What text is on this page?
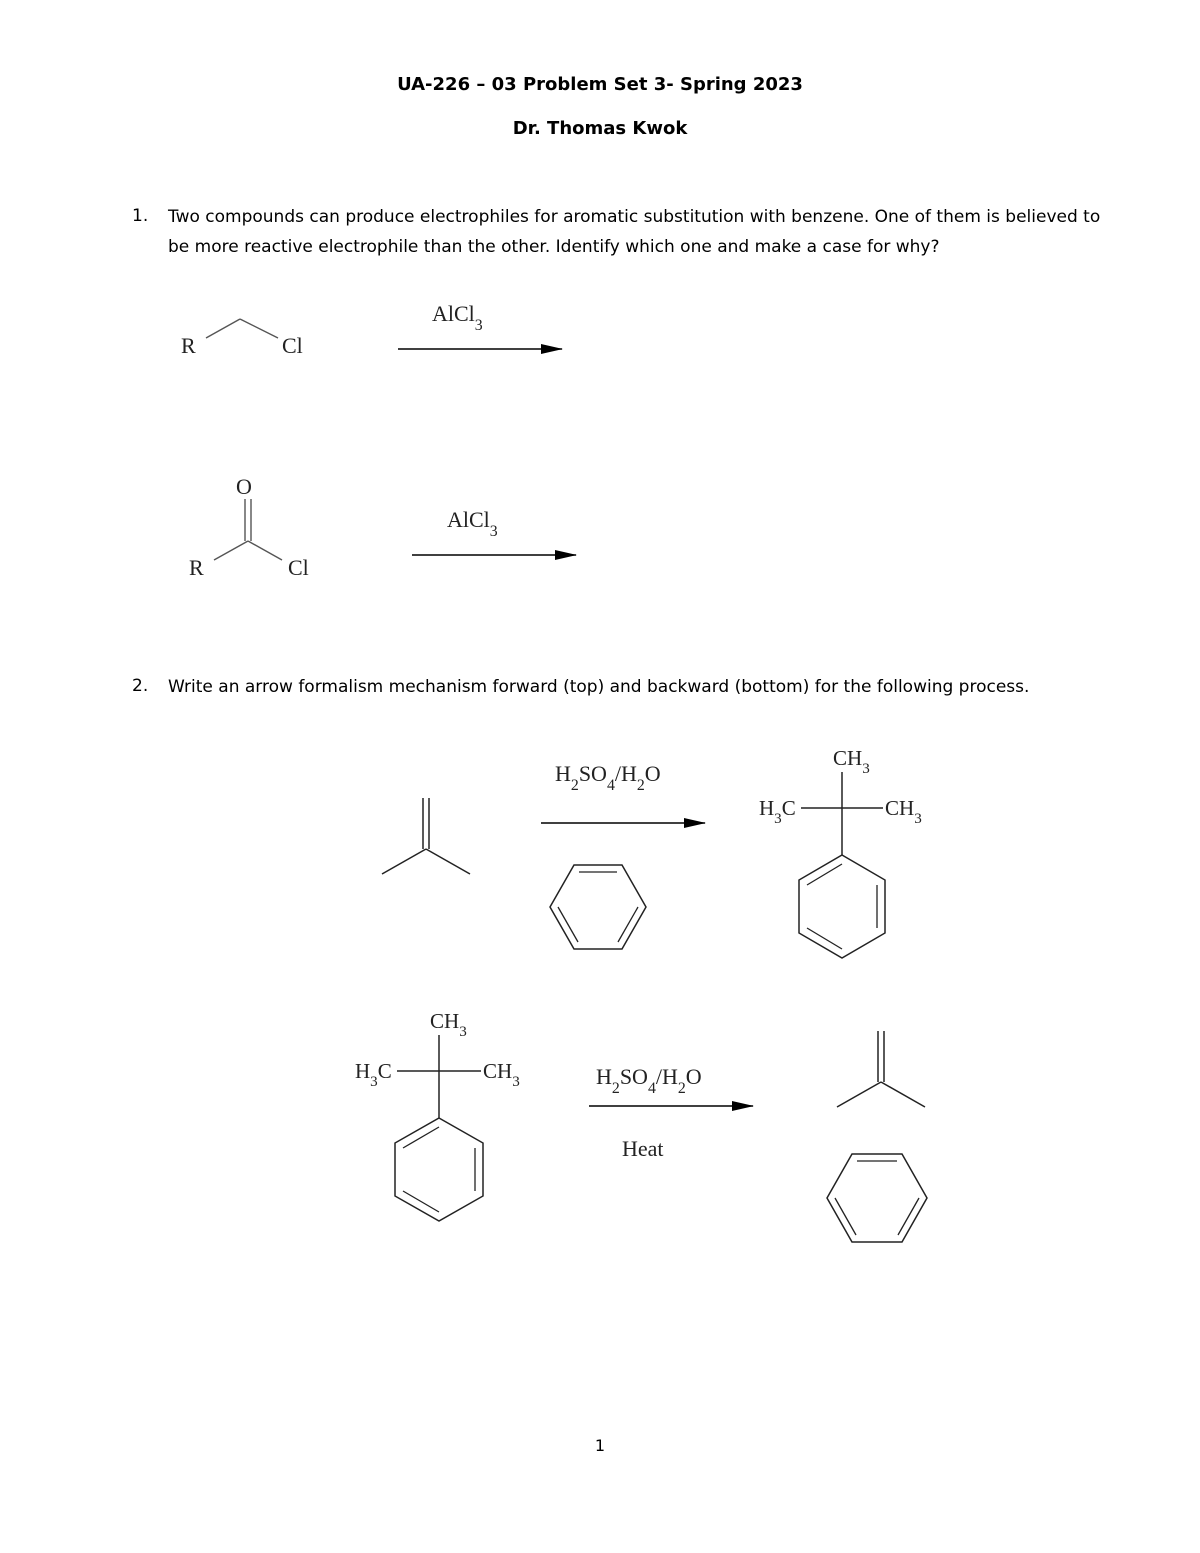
UA-226 – 03 Problem Set 3- Spring 2023
Dr. Thomas Kwok
1. Two compounds can produce electrophiles for aromatic substitution with benzene. One of them is believed to be more reactive electrophile than the other. Identify which one and make a case for why?
2. Write an arrow formalism mechanism forward (top) and backward (bottom) for the following process.
R	Cl
AlCl$_3$
O
R	Cl
AlCl$_3$
$H_2SO_4/H_2O$
$CH_3$
$H_3C$	$CH_3$
$CH_3$
$H_3C$	$CH_3$	$H_2SO_4/H_2O$
Heat
1
